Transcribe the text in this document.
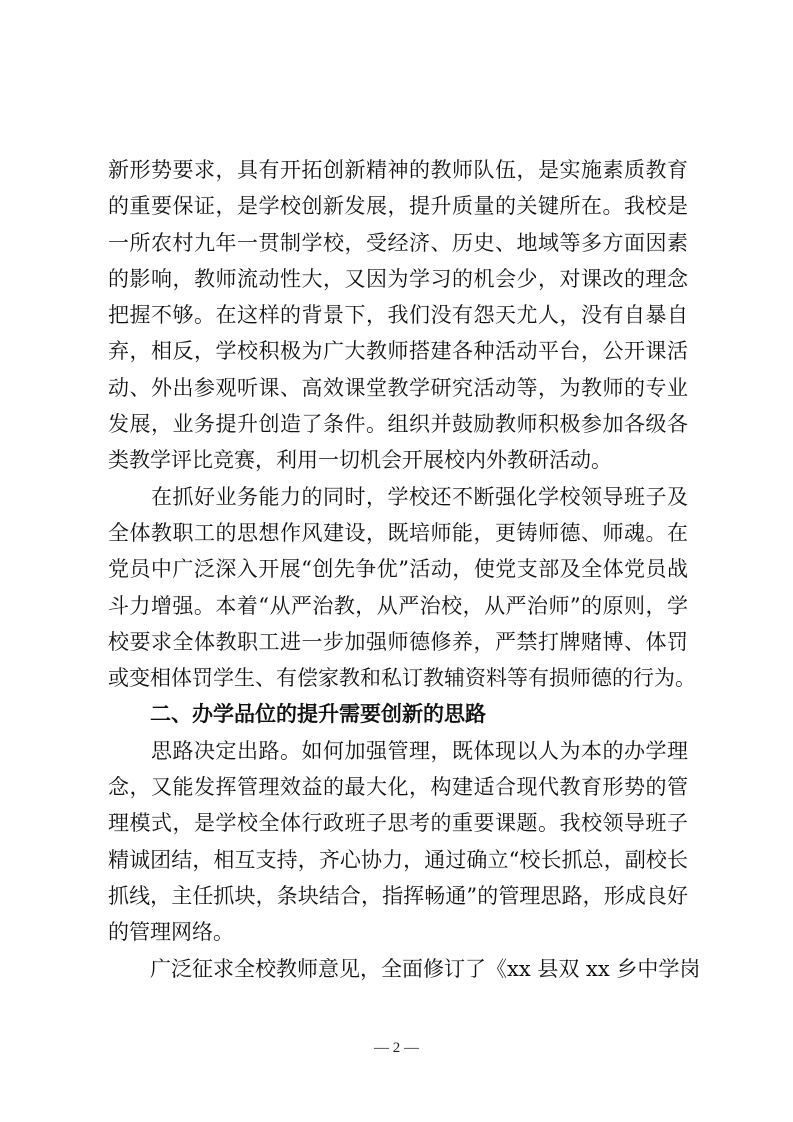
新形势要求，具有开拓创新精神的教师队伍，是实施素质教育
的重要保证，是学校创新发展，提升质量的关键所在。我校是
一所农村九年一贯制学校，受经济、历史、地域等多方面因素
的影响，教师流动性大，又因为学习的机会少，对课改的理念
把握不够。在这样的背景下，我们没有怨天尤人，没有自暴自
弃，相反，学校积极为广大教师搭建各种活动平台，公开课活
动、外出参观听课、高效课堂教学研究活动等，为教师的专业
发展，业务提升创造了条件。组织并鼓励教师积极参加各级各
类教学评比竞赛，利用一切机会开展校内外教研活动。
　　在抓好业务能力的同时，学校还不断强化学校领导班子及
全体教职工的思想作风建设，既培师能，更铸师德、师魂。在
党员中广泛深入开展“创先争优”活动，使党支部及全体党员战
斗力增强。本着“从严治教，从严治校，从严治师”的原则，学
校要求全体教职工进一步加强师德修养，严禁打牌赌博、体罚
或变相体罚学生、有偿家教和私订教辅资料等有损师德的行为。
　　二、办学品位的提升需要创新的思路
　　思路决定出路。如何加强管理，既体现以人为本的办学理
念，又能发挥管理效益的最大化，构建适合现代教育形势的管
理模式，是学校全体行政班子思考的重要课题。我校领导班子
精诚团结，相互支持，齐心协力，通过确立“校长抓总，副校长
抓线，主任抓块，条块结合，指挥畅通”的管理思路，形成良好
的管理网络。
　　广泛征求全校教师意见，全面修订了《xx 县双 xx 乡中学岗
— 2 —
